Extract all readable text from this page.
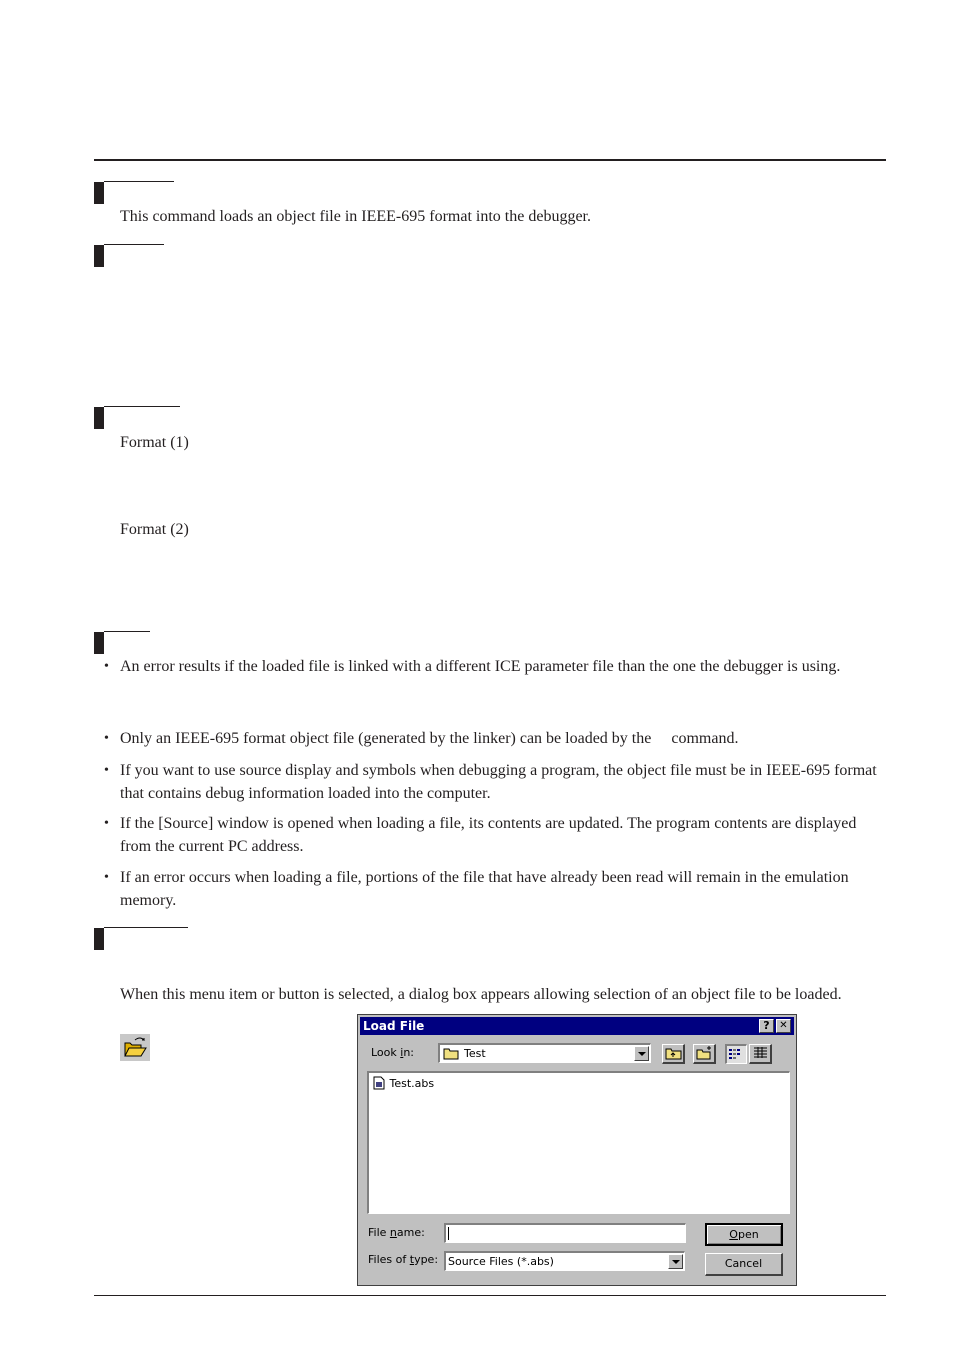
This command loads an object file in IEEE-695 format into the debugger.
Format (1)
Format (2)
• An error results if the loaded file is linked with a different ICE parameter file than the one the debugger is using.
• Only an IEEE-695 format object file (generated by the linker) can be loaded by the     command.
• If you want to use source display and symbols when debugging a program, the object file must be in IEEE-695 format that contains debug information loaded into the computer.
• If the [Source] window is opened when loading a file, its contents are updated. The program contents are displayed from the current PC address.
• If an error occurs when loading a file, portions of the file that have already been read will remain in the emulation memory.
When this menu item or button is selected, a dialog box appears allowing selection of an object file to be loaded.
Load File	? ✕
Look in:	Test
Test.abs
File name:	Open
Files of type: Source Files (*.abs)	Cancel
